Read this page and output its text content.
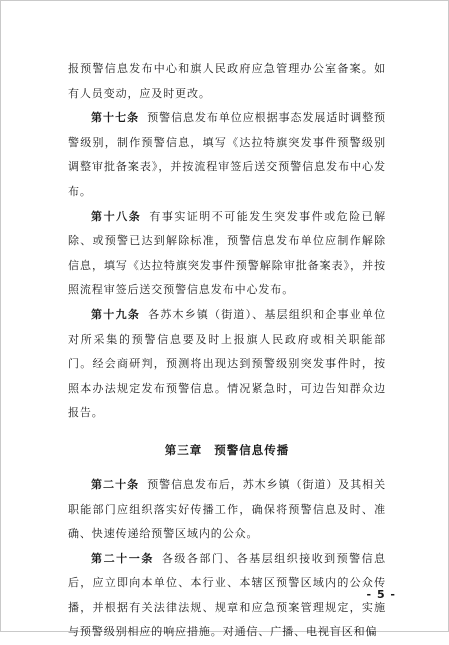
报预警信息发布中心和旗人民政府应急管理办公室备案。如有人员变动，应及时更改。

第十七条 预警信息发布单位应根据事态发展适时调整预警级别，制作预警信息，填写《达拉特旗突发事件预警级别调整审批备案表》，并按流程审签后送交预警信息发布中心发布。

第十八条 有事实证明不可能发生突发事件或危险已解除、或预警已达到解除标准，预警信息发布单位应制作解除信息，填写《达拉特旗突发事件预警解除审批备案表》，并按照流程审签后送交预警信息发布中心发布。

第十九条 各苏木乡镇（街道）、基层组织和企事业单位对所采集的预警信息要及时上报旗人民政府或相关职能部门。经会商研判，预测将出现达到预警级别突发事件时，按照本办法规定发布预警信息。情况紧急时，可边告知群众边报告。

第三章 预警信息传播

第二十条 预警信息发布后，苏木乡镇（街道）及其相关职能部门应组织落实好传播工作，确保将预警信息及时、准确、快速传递给预警区域内的公众。

第二十一条 各级各部门、各基层组织接收到预警信息后，应立即向本单位、本行业、本辖区预警区域内的公众传播，并根据有关法律法规、规章和应急预案管理规定，实施与预警级别相应的响应措施。对通信、广播、电视盲区和偏

- 5 -
